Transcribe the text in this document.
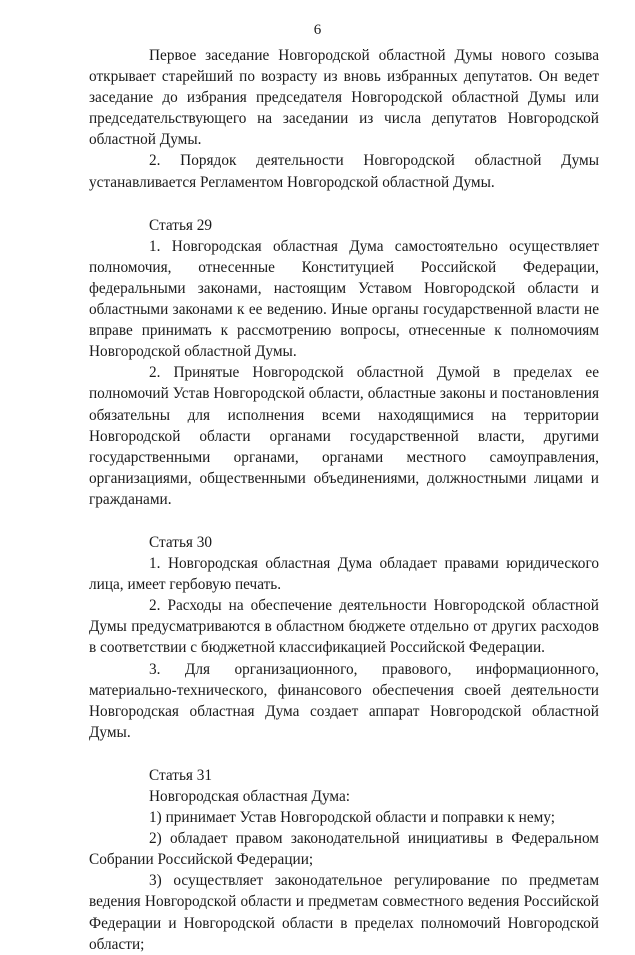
6

Первое заседание Новгородской областной Думы нового созыва открывает старейший по возрасту из вновь избранных депутатов. Он ведет заседание до избрания председателя Новгородской областной Думы или председательствующего на заседании из числа депутатов Новгородской областной Думы.

2. Порядок деятельности Новгородской областной Думы устанавливается Регламентом Новгородской областной Думы.

Статья 29

1. Новгородская областная Дума самостоятельно осуществляет полномочия, отнесенные Конституцией Российской Федерации, федеральными законами, настоящим Уставом Новгородской области и областными законами к ее ведению. Иные органы государственной власти не вправе принимать к рассмотрению вопросы, отнесенные к полномочиям Новгородской областной Думы.

2. Принятые Новгородской областной Думой в пределах ее полномочий Устав Новгородской области, областные законы и постановления обязательны для исполнения всеми находящимися на территории Новгородской области органами государственной власти, другими государственными органами, органами местного самоуправления, организациями, общественными объединениями, должностными лицами и гражданами.

Статья 30

1. Новгородская областная Дума обладает правами юридического лица, имеет гербовую печать.

2. Расходы на обеспечение деятельности Новгородской областной Думы предусматриваются в областном бюджете отдельно от других расходов в соответствии с бюджетной классификацией Российской Федерации.

3. Для организационного, правового, информационного, материально-технического, финансового обеспечения своей деятельности Новгородская областная Дума создает аппарат Новгородской областной Думы.

Статья 31

Новгородская областная Дума:

1) принимает Устав Новгородской области и поправки к нему;

2) обладает правом законодательной инициативы в Федеральном Собрании Российской Федерации;

3) осуществляет законодательное регулирование по предметам ведения Новгородской области и предметам совместного ведения Российской Федерации и Новгородской области в пределах полномочий Новгородской области;
